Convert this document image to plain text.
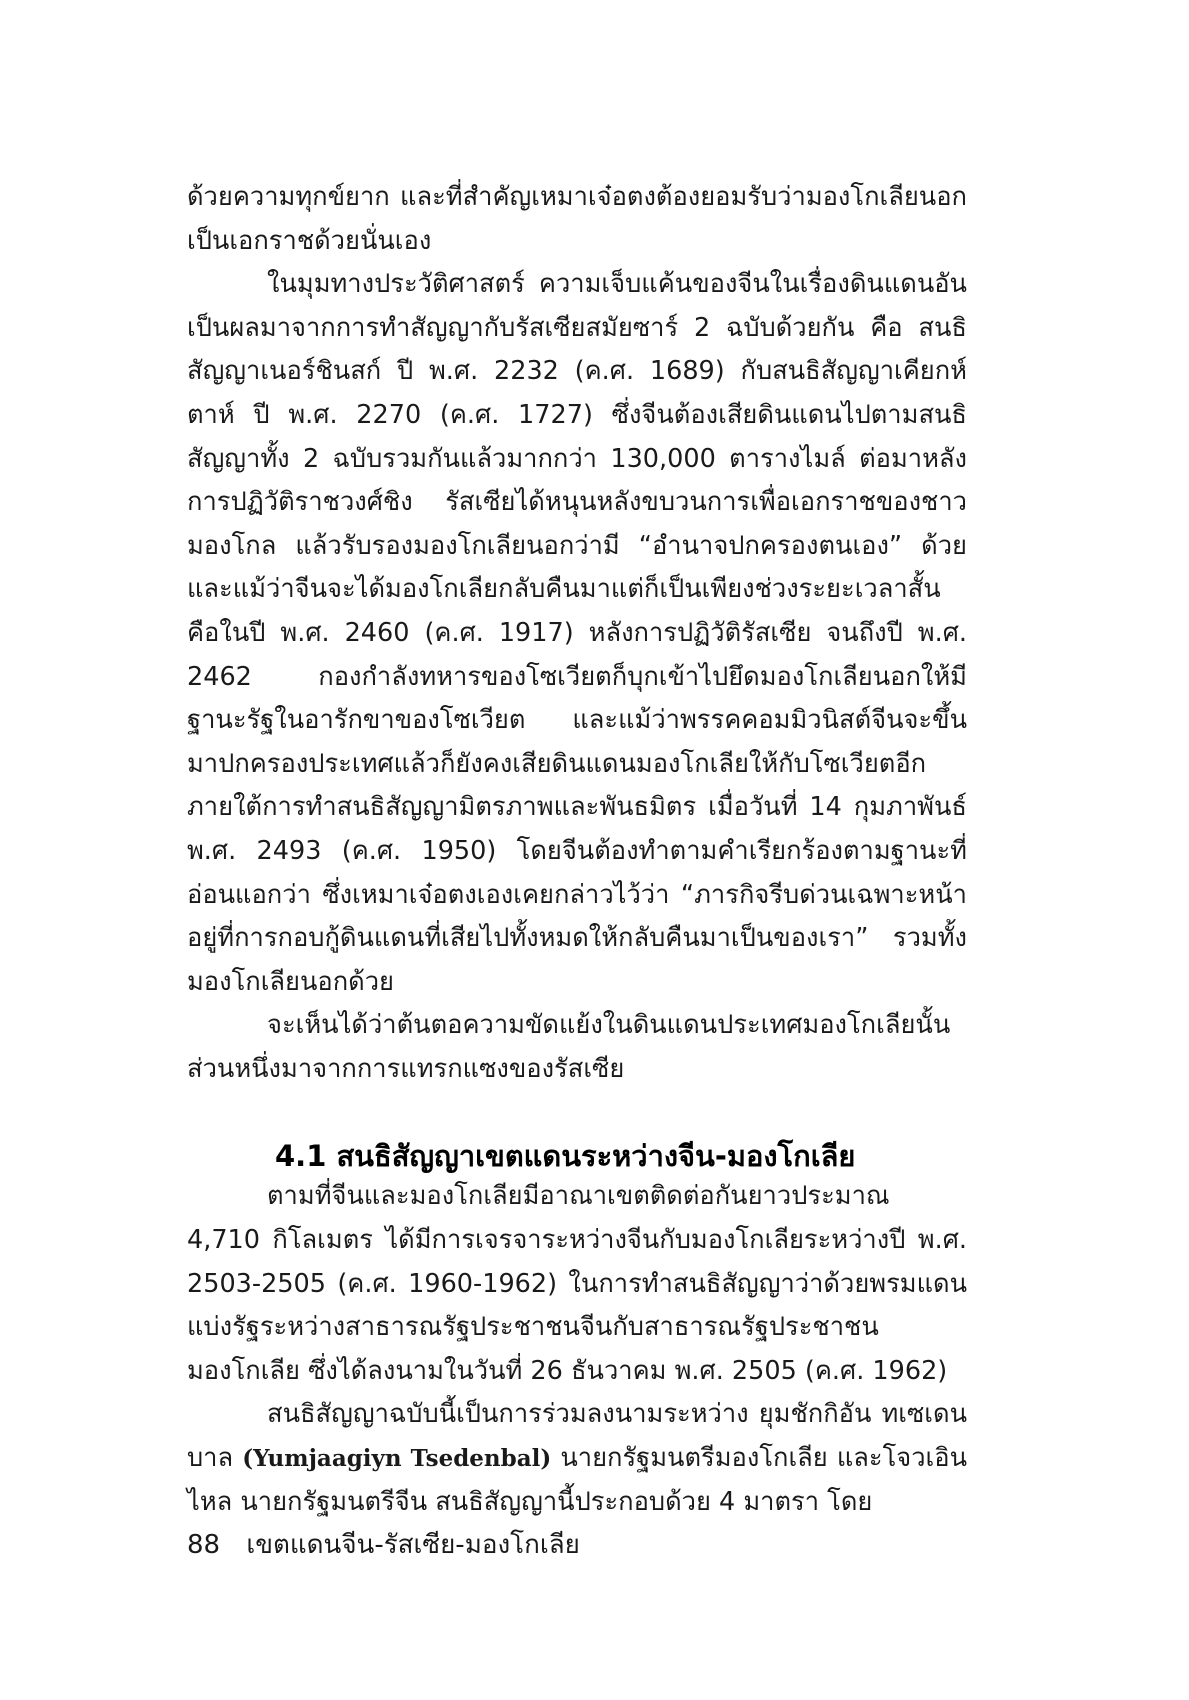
ด้วยความทุกข์ยาก และที่สำคัญเหมาเจ๋อตงต้องยอมรับว่ามองโกเลียนอกเป็นเอกราชด้วยนั่นเอง

ในมุมทางประวัติศาสตร์ ความเจ็บแค้นของจีนในเรื่องดินแดนอันเป็นผลมาจากการทำสัญญากับรัสเซียสมัยซาร์ 2 ฉบับด้วยกัน คือ สนธิสัญญาเนอร์ชินสก์ ปี พ.ศ. 2232 (ค.ศ. 1689) กับสนธิสัญญาเคียกห์ตาห์ ปี พ.ศ. 2270 (ค.ศ. 1727) ซึ่งจีนต้องเสียดินแดนไปตามสนธิสัญญาทั้ง 2 ฉบับรวมกันแล้วมากกว่า 130,000 ตารางไมล์ ต่อมาหลังการปฏิวัติราชวงศ์ชิง รัสเซียได้หนุนหลังขบวนการเพื่อเอกราชของชาวมองโกล แล้วรับรองมองโกเลียนอกว่ามี “อำนาจปกครองตนเอง” ด้วย และแม้ว่าจีนจะได้มองโกเลียกลับคืนมาแต่ก็เป็นเพียงช่วงระยะเวลาสั้น คือในปี พ.ศ. 2460 (ค.ศ. 1917) หลังการปฏิวัติรัสเซีย จนถึงปี พ.ศ. 2462 กองกำลังทหารของโซเวียตก็บุกเข้าไปยึดมองโกเลียนอกให้มีฐานะรัฐในอารักขาของโซเวียต และแม้ว่าพรรคคอมมิวนิสต์จีนจะขึ้นมาปกครองประเทศแล้วก็ยังคงเสียดินแดนมองโกเลียให้กับโซเวียตอีกภายใต้การทำสนธิสัญญามิตรภาพและพันธมิตร เมื่อวันที่ 14 กุมภาพันธ์ พ.ศ. 2493 (ค.ศ. 1950) โดยจีนต้องทำตามคำเรียกร้องตามฐานะที่อ่อนแอกว่า ซึ่งเหมาเจ๋อตงเองเคยกล่าวไว้ว่า “ภารกิจรีบด่วนเฉพาะหน้าอยู่ที่การกอบกู้ดินแดนที่เสียไปทั้งหมดให้กลับคืนมาเป็นของเรา” รวมทั้งมองโกเลียนอกด้วย

จะเห็นได้ว่าต้นตอความขัดแย้งในดินแดนประเทศมองโกเลียนั้นส่วนหนึ่งมาจากการแทรกแซงของรัสเซีย

4.1 สนธิสัญญาเขตแดนระหว่างจีน-มองโกเลีย

ตามที่จีนและมองโกเลียมีอาณาเขตติดต่อกันยาวประมาณ 4,710 กิโลเมตร ได้มีการเจรจาระหว่างจีนกับมองโกเลียระหว่างปี พ.ศ. 2503-2505 (ค.ศ. 1960-1962) ในการทำสนธิสัญญาว่าด้วยพรมแดนแบ่งรัฐระหว่างสาธารณรัฐประชาชนจีนกับสาธารณรัฐประชาชนมองโกเลีย ซึ่งได้ลงนามในวันที่ 26 ธันวาคม พ.ศ. 2505 (ค.ศ. 1962)

สนธิสัญญาฉบับนี้เป็นการร่วมลงนามระหว่าง ยุมชักกิอัน ทเซเดนบาล (Yumjaagiyn Tsedenbal) นายกรัฐมนตรีมองโกเลีย และโจวเอินไหล นายกรัฐมนตรีจีน สนธิสัญญานี้ประกอบด้วย 4 มาตรา โดย

88 เขตแดนจีน-รัสเซีย-มองโกเลีย
